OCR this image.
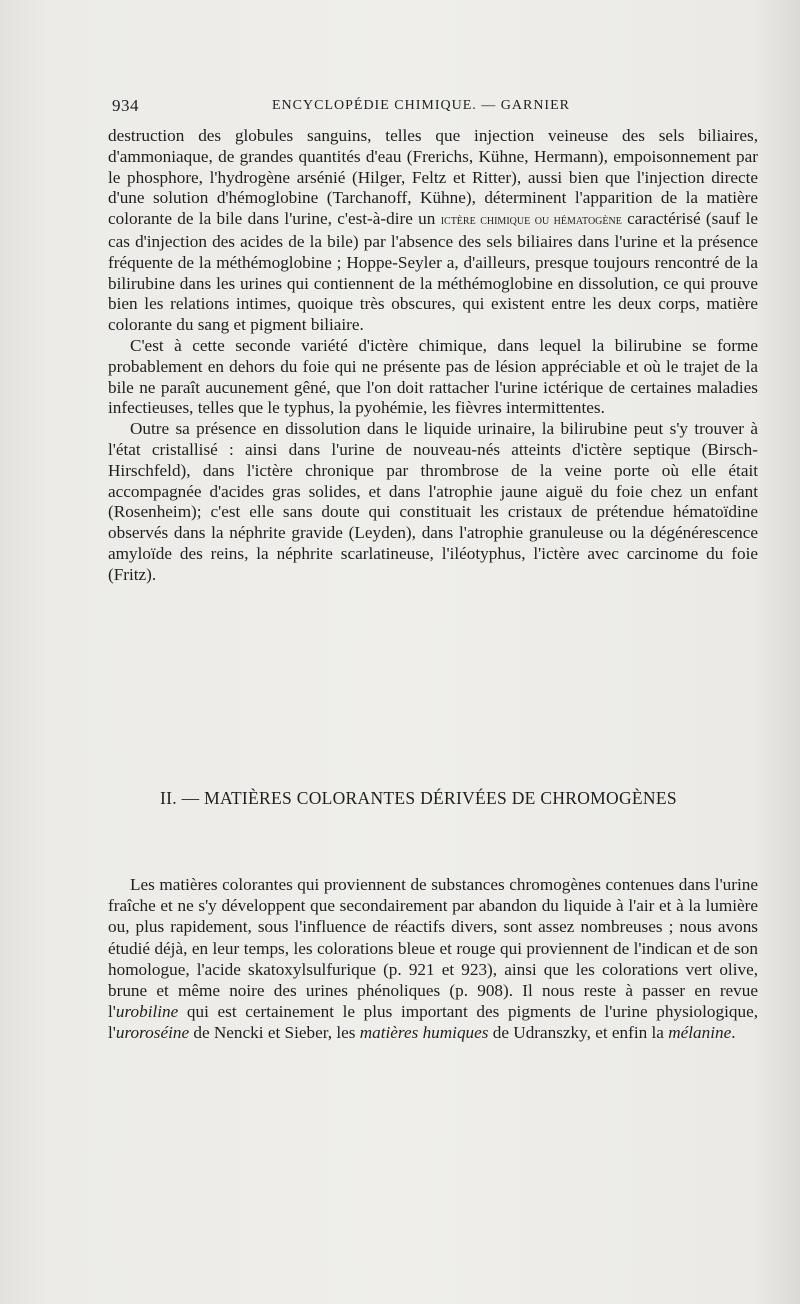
934	ENCYCLOPÉDIE CHIMIQUE. — GARNIER

destruction des globules sanguins, telles que injection veineuse des sels biliaires, d'ammoniaque, de grandes quantités d'eau (Frerichs, Kühne, Hermann), empoisonnement par le phosphore, l'hydrogène arsénié (Hilger, Feltz et Ritter), aussi bien que l'injection directe d'une solution d'hémoglobine (Tarchanoff, Kühne), déterminent l'apparition de la matière colorante de la bile dans l'urine, c'est-à-dire un ictère chimique ou hématogène caractérisé (sauf le cas d'injection des acides de la bile) par l'absence des sels biliaires dans l'urine et la présence fréquente de la méthémoglobine ; Hoppe-Seyler a, d'ailleurs, presque toujours rencontré de la bilirubine dans les urines qui contiennent de la méthémoglobine en dissolution, ce qui prouve bien les relations intimes, quoique très obscures, qui existent entre les deux corps, matière colorante du sang et pigment biliaire.

C'est à cette seconde variété d'ictère chimique, dans lequel la bilirubine se forme probablement en dehors du foie qui ne présente pas de lésion appréciable et où le trajet de la bile ne paraît aucunement gêné, que l'on doit rattacher l'urine ictérique de certaines maladies infectieuses, telles que le typhus, la pyohémie, les fièvres intermittentes.

Outre sa présence en dissolution dans le liquide urinaire, la bilirubine peut s'y trouver à l'état cristallisé : ainsi dans l'urine de nouveau-nés atteints d'ictère septique (Birsch-Hirschfeld), dans l'ictère chronique par thrombrose de la veine porte où elle était accompagnée d'acides gras solides, et dans l'atrophie jaune aiguë du foie chez un enfant (Rosenheim); c'est elle sans doute qui constituait les cristaux de prétendue hématoïdine observés dans la néphrite gravide (Leyden), dans l'atrophie granuleuse ou la dégénérescence amyloïde des reins, la néphrite scarlatineuse, l'iléotyphus, l'ictère avec carcinome du foie (Fritz).

II. — MATIÈRES COLORANTES DÉRIVÉES DE CHROMOGÈNES

Les matières colorantes qui proviennent de substances chromogènes contenues dans l'urine fraîche et ne s'y développent que secondairement par abandon du liquide à l'air et à la lumière ou, plus rapidement, sous l'influence de réactifs divers, sont assez nombreuses ; nous avons étudié déjà, en leur temps, les colorations bleue et rouge qui proviennent de l'indican et de son homologue, l'acide skatoxylsulfurique (p. 921 et 923), ainsi que les colorations vert olive, brune et même noire des urines phénoliques (p. 908). Il nous reste à passer en revue l'urobiline qui est certainement le plus important des pigments de l'urine physiologique, l'uroroséine de Nencki et Sieber, les matières humiques de Udranszky, et enfin la mélanine.
